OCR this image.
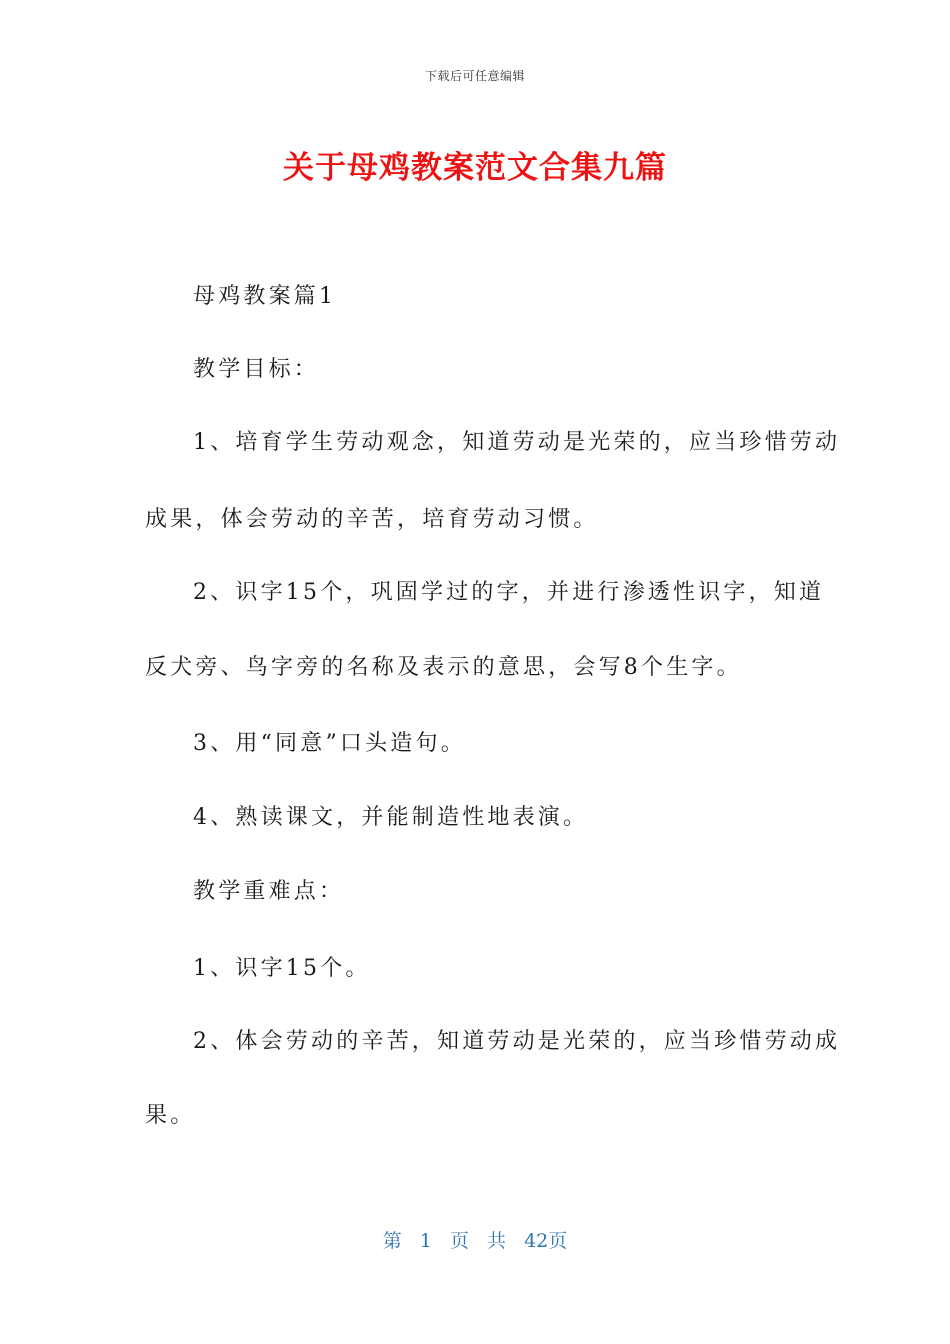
下载后可任意编辑
关于母鸡教案范文合集九篇

母鸡教案篇1

教学目标：

1、培育学生劳动观念，知道劳动是光荣的，应当珍惜劳动

成果，体会劳动的辛苦，培育劳动习惯。

2、识字15个，巩固学过的字，并进行渗透性识字，知道

反犬旁、鸟字旁的名称及表示的意思，会写8个生字。

3、用“同意”口头造句。

4、熟读课文，并能制造性地表演。

教学重难点：

1、识字15个。

2、体会劳动的辛苦，知道劳动是光荣的，应当珍惜劳动成

果。

第 1 页 共 42页
